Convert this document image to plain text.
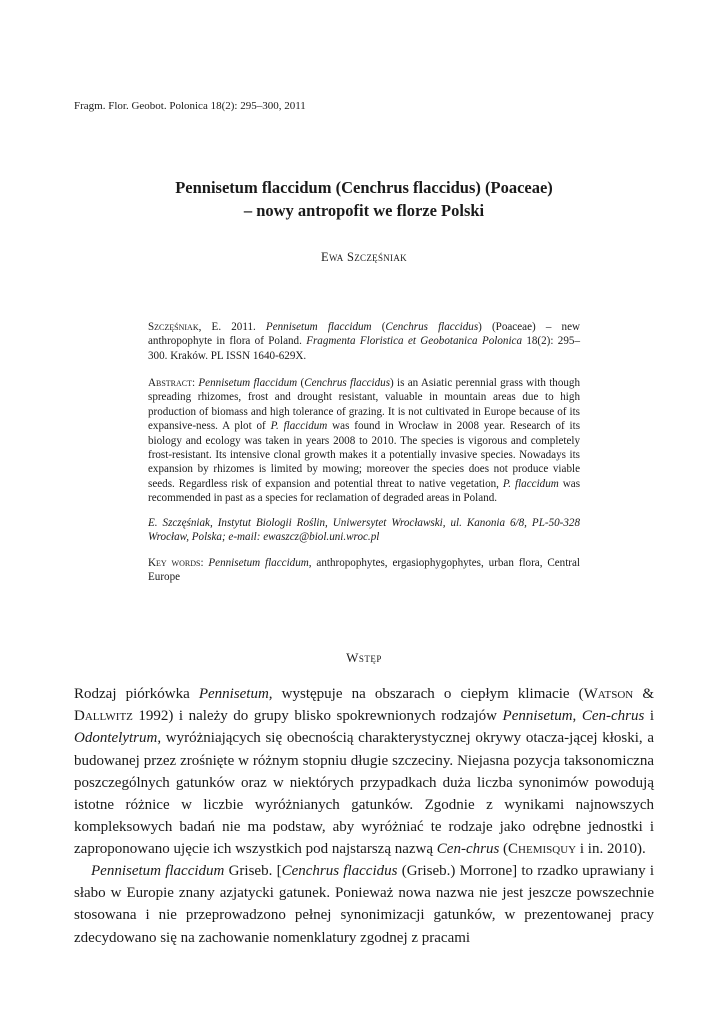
Fragm. Flor. Geobot. Polonica 18(2): 295–300, 2011
Pennisetum flaccidum (Cenchrus flaccidus) (Poaceae)
– nowy antropofit we florze Polski
Ewa Szczęśniak

Szczęśniak, E. 2011. Pennisetum flaccidum (Cenchrus flaccidus) (Poaceae) – new anthropophyte in flora of Poland. Fragmenta Floristica et Geobotanica Polonica 18(2): 295–300. Kraków. PL ISSN 1640-629X.

Abstract: Pennisetum flaccidum (Cenchrus flaccidus) is an Asiatic perennial grass with though spreading rhizomes, frost and drought resistant, valuable in mountain areas due to high production of biomass and high tolerance of grazing. It is not cultivated in Europe because of its expansive-ness. A plot of P. flaccidum was found in Wrocław in 2008 year. Research of its biology and ecology was taken in years 2008 to 2010. The species is vigorous and completely frost-resistant. Its intensive clonal growth makes it a potentially invasive species. Nowadays its expansion by rhizomes is limited by mowing; moreover the species does not produce viable seeds. Regardless risk of expansion and potential threat to native vegetation, P. flaccidum was recommended in past as a species for reclamation of degraded areas in Poland.

E. Szczęśniak, Instytut Biologii Roślin, Uniwersytet Wrocławski, ul. Kanonia 6/8, PL-50-328 Wrocław, Polska; e-mail: ewaszcz@biol.uni.wroc.pl

Key words: Pennisetum flaccidum, anthropophytes, ergasiophygophytes, urban flora, Central Europe

Wstęp

Rodzaj piórkówka Pennisetum, występuje na obszarach o ciepłym klimacie (Watson & Dallwitz 1992) i należy do grupy blisko spokrewnionych rodzajów Pennisetum, Cen-chrus i Odontelytrum, wyróżniających się obecnością charakterystycznej okrywy otacza-jącej kłoski, a budowanej przez zrośnięte w różnym stopniu długie szczeciny. Niejasna pozycja taksonomiczna poszczególnych gatunków oraz w niektórych przypadkach duża liczba synonimów powodują istotne różnice w liczbie wyróżnianych gatunków. Zgodnie z wynikami najnowszych kompleksowych badań nie ma podstaw, aby wyróżniać te rodzaje jako odrębne jednostki i zaproponowano ujęcie ich wszystkich pod najstarszą nazwą Cen-chrus (Chemisquy i in. 2010).

Pennisetum flaccidum Griseb. [Cenchrus flaccidus (Griseb.) Morrone] to rzadko uprawiany i słabo w Europie znany azjatycki gatunek. Ponieważ nowa nazwa nie jest jeszcze powszechnie stosowana i nie przeprowadzono pełnej synonimizacji gatunków, w prezentowanej pracy zdecydowano się na zachowanie nomenklatury zgodnej z pracami
